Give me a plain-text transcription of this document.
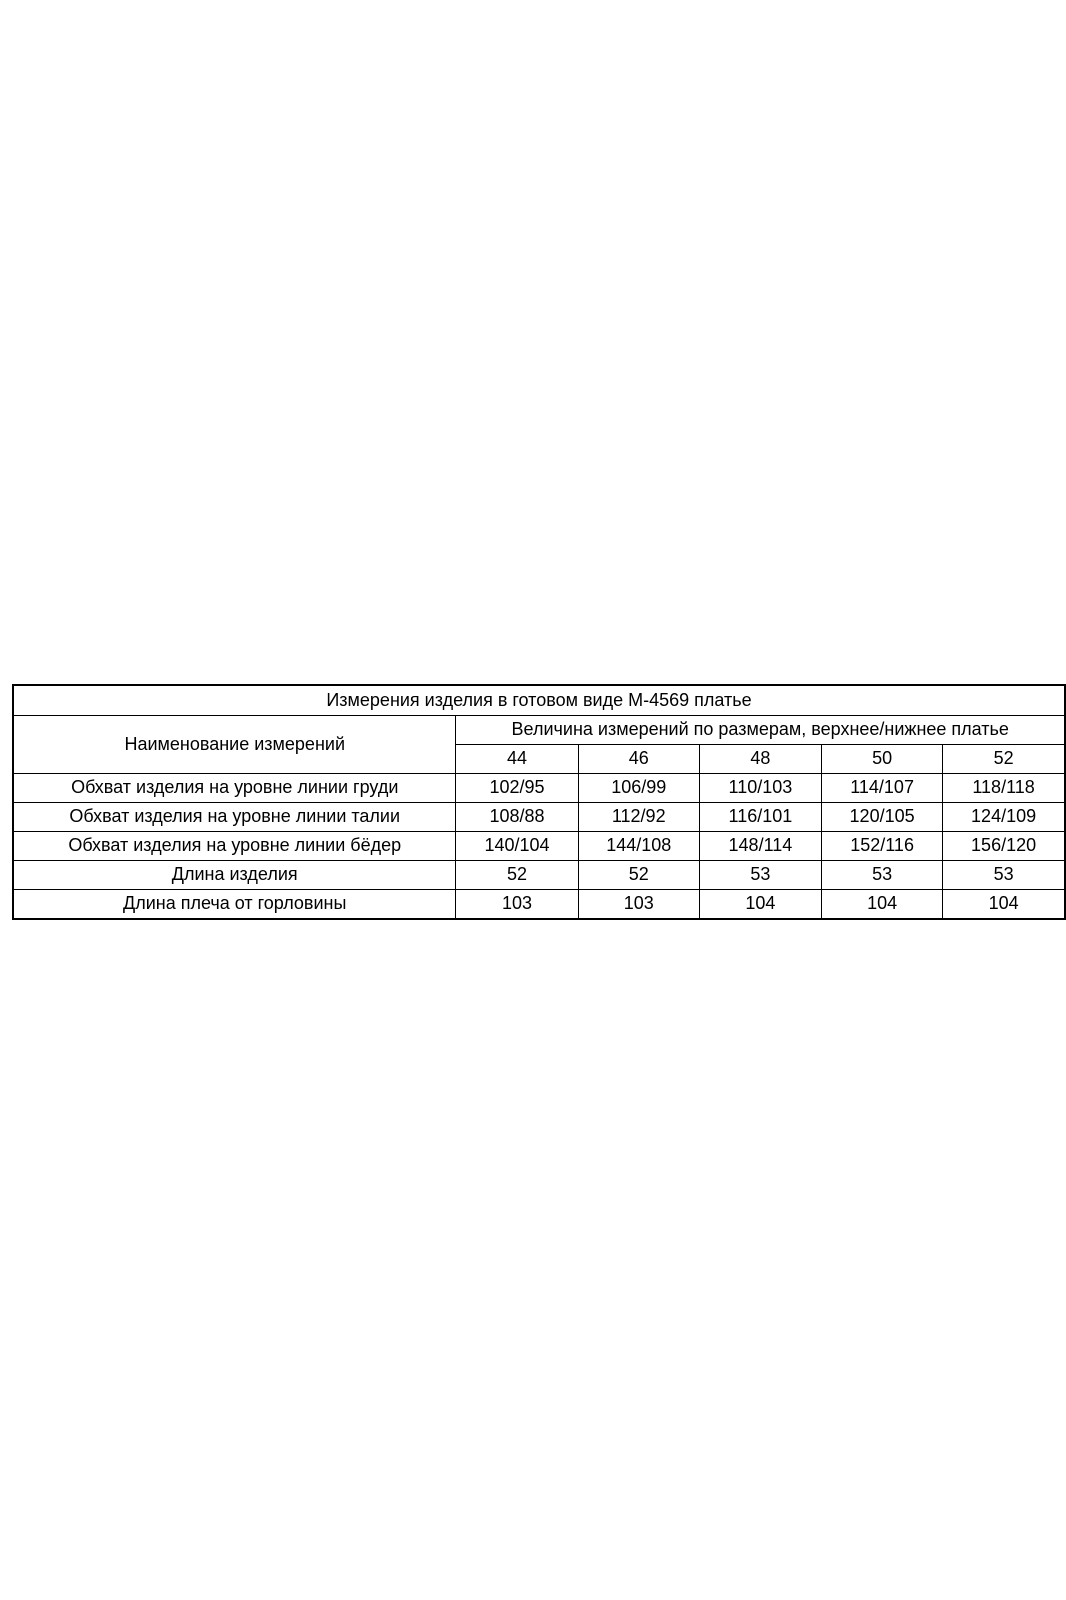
Измерения изделия в готовом виде М-4569 платье					
Наименование измерений	Величина измерений по размерам, верхнее/нижнее платье				
	44	46	48	50	52
Обхват изделия на уровне линии груди	102/95	106/99	110/103	114/107	118/118
Обхват изделия на уровне линии талии	108/88	112/92	116/101	120/105	124/109
Обхват изделия на уровне линии бёдер	140/104	144/108	148/114	152/116	156/120
Длина изделия	52	52	53	53	53
Длина плеча от горловины	103	103	104	104	104
